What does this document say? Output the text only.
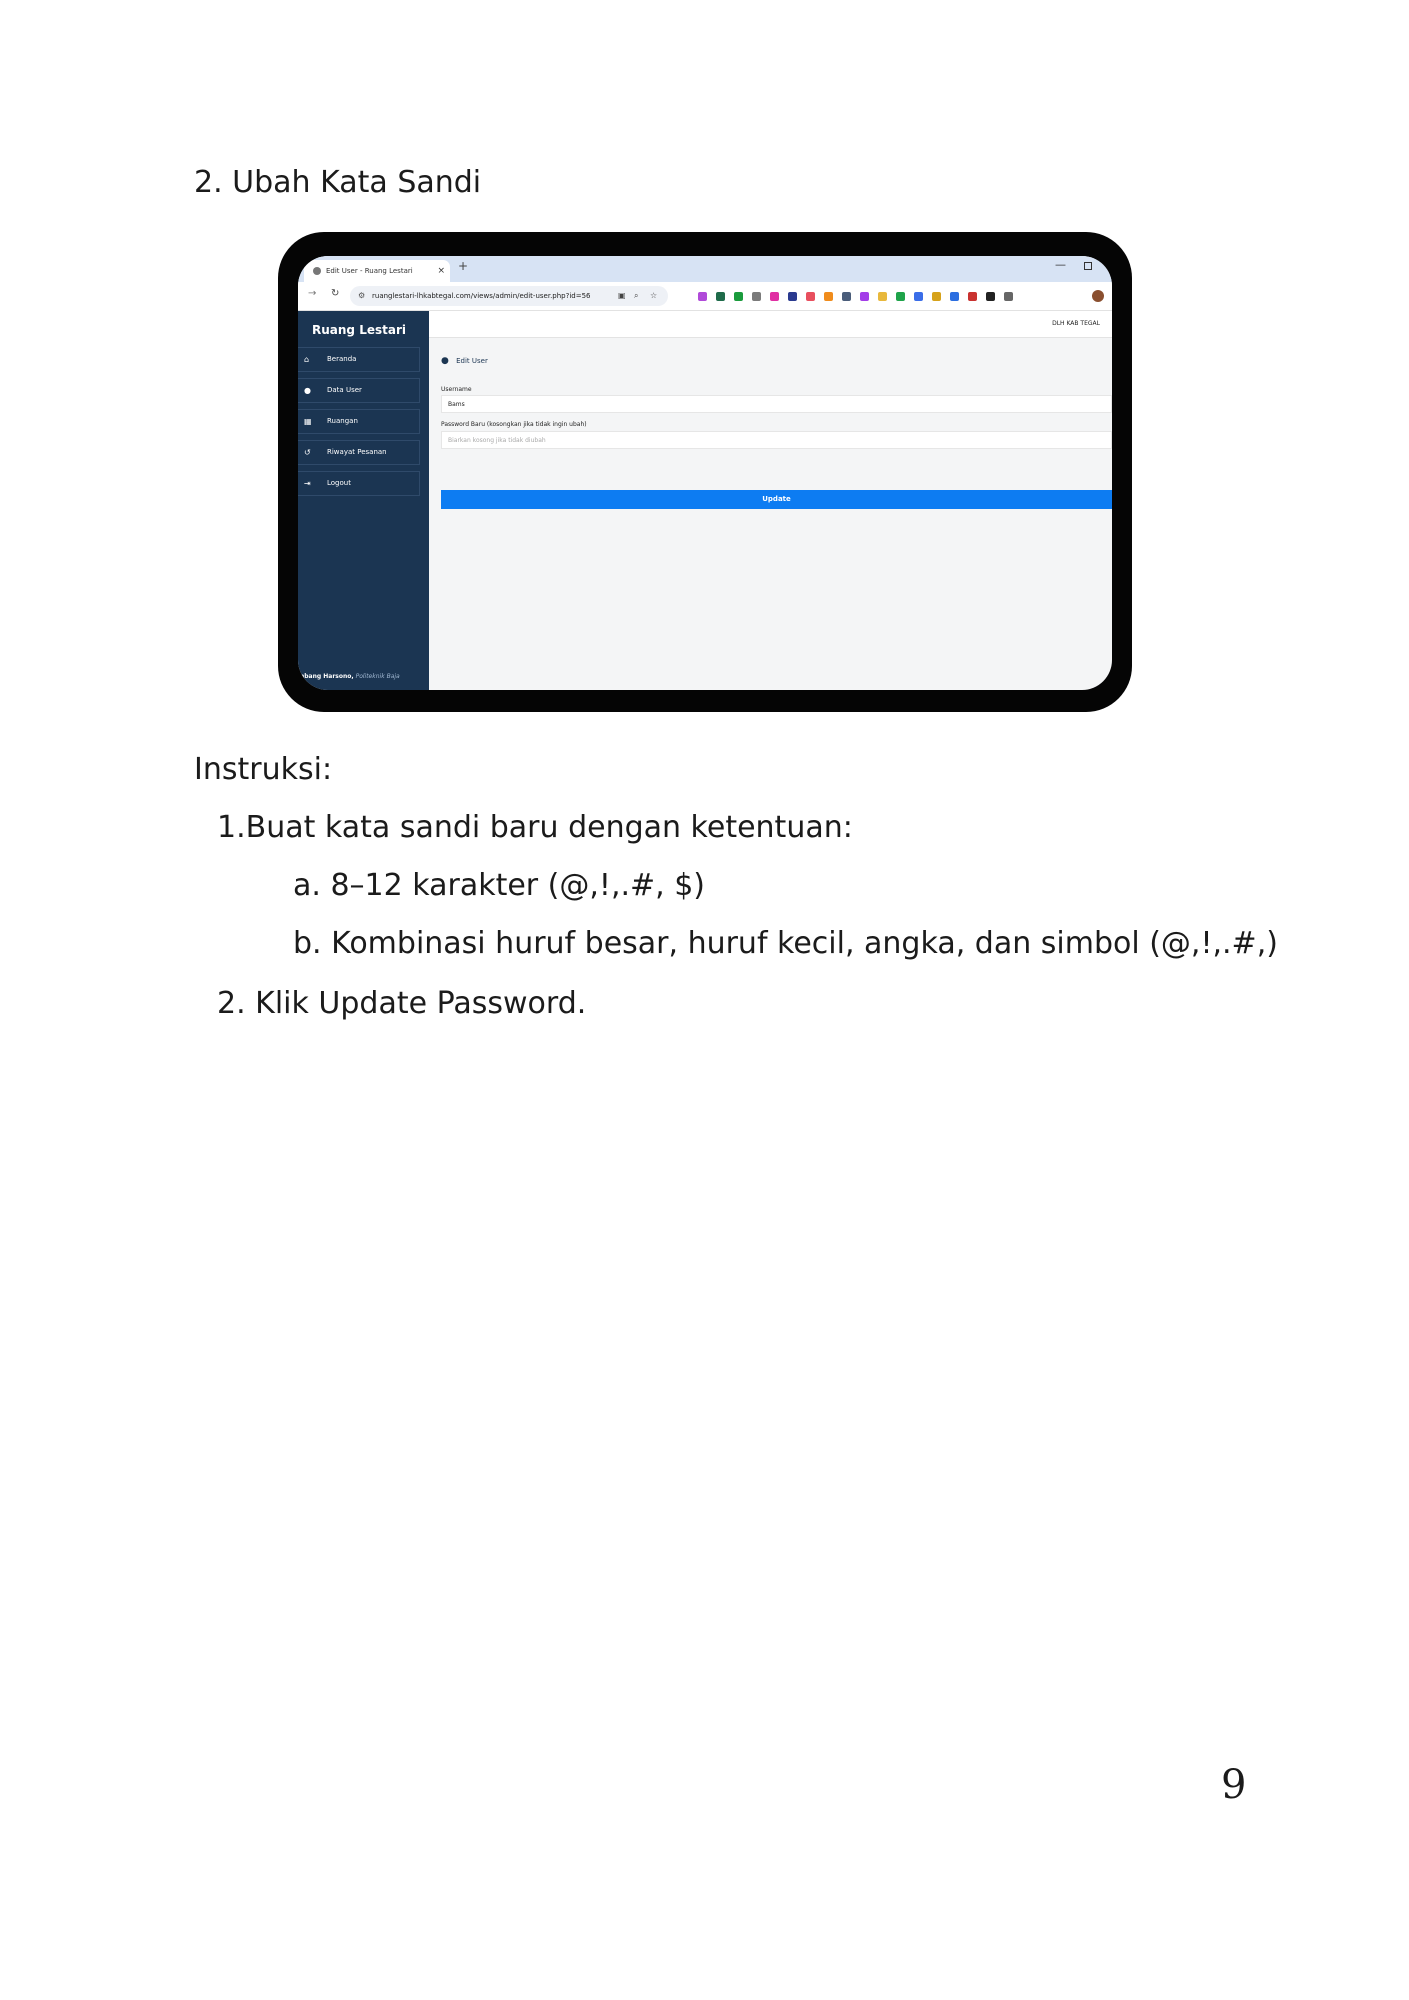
2. Ubah Kata Sandi
Edit User - Ruang Lestari	× +	—
→ ↻ ⚙ ruanglestari-lhkabtegal.com/views/admin/edit-user.php?id=56	▣ ⌕ ☆
Ruang Lestari
⌂	Beranda
● Data User
▦ Ruangan
↺ Riwayat Pesanan
⇥ Logout
mbang Harsono, Politeknik Baja
DLH KAB TEGAL
● Edit User
Username
Bams
Password Baru (kosongkan jika tidak ingin ubah)
Biarkan kosong jika tidak diubah
Update
Instruksi:
1.Buat kata sandi baru dengan ketentuan:
a. 8–12 karakter (@,!,.#, $)
b. Kombinasi huruf besar, huruf kecil, angka, dan simbol (@,!,.#,)
2. Klik Update Password.
9
